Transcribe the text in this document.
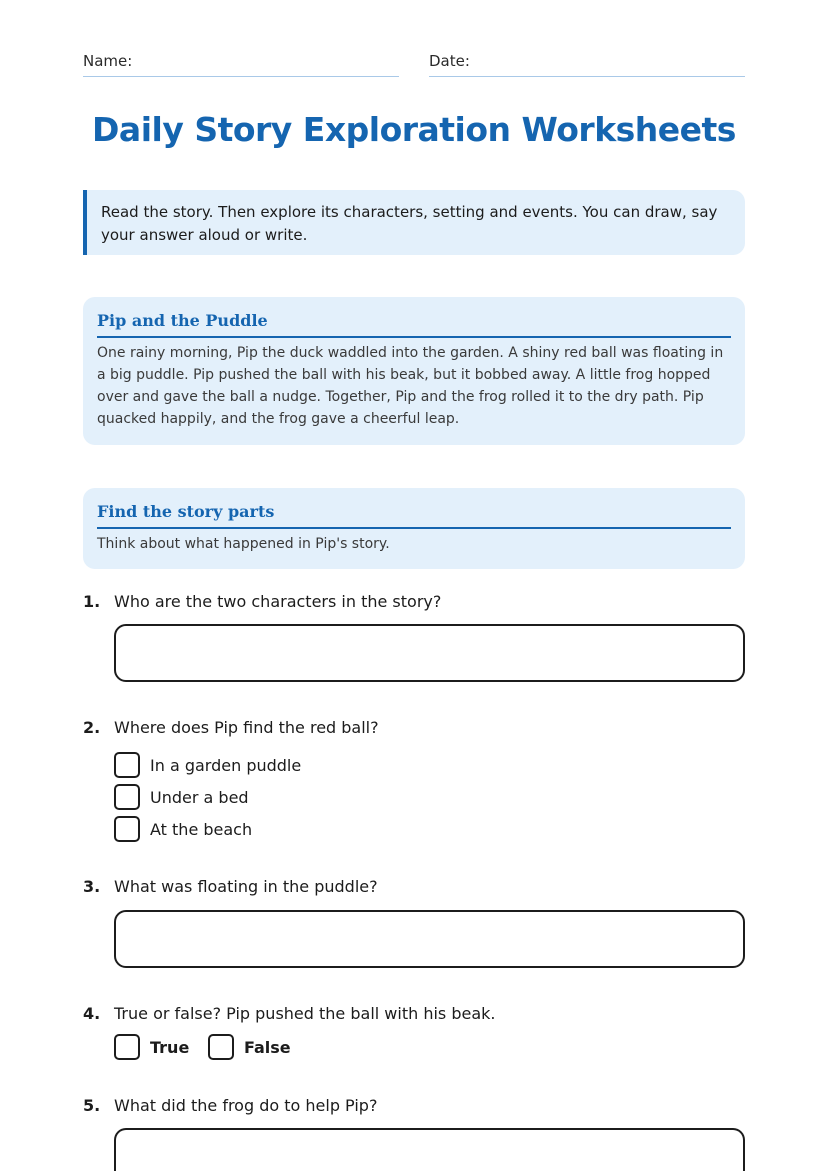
Name:	Date:
Daily Story Exploration Worksheets
Read the story. Then explore its characters, setting and events. You can draw, say your answer aloud or write.
Pip and the Puddle
One rainy morning, Pip the duck waddled into the garden. A shiny red ball was floating in a big puddle. Pip pushed the ball with his beak, but it bobbed away. A little frog hopped over and gave the ball a nudge. Together, Pip and the frog rolled it to the dry path. Pip quacked happily, and the frog gave a cheerful leap.
Find the story parts
Think about what happened in Pip's story.
1. Who are the two characters in the story?
2. Where does Pip find the red ball?
In a garden puddle
Under a bed
At the beach
3. What was floating in the puddle?
4. True or false? Pip pushed the ball with his beak.
True	False
5. What did the frog do to help Pip?
